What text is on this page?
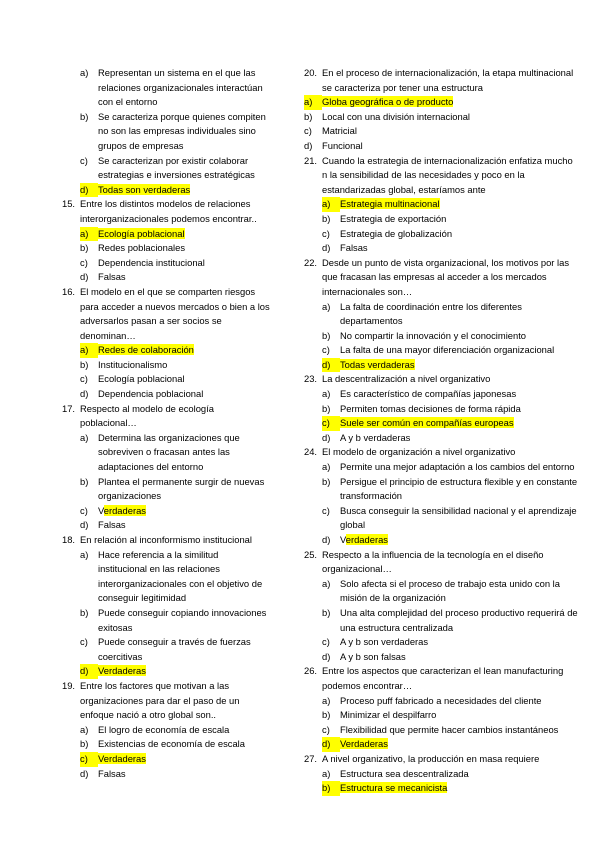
a)	Representan un sistema en el que las
relaciones organizacionales interactúan
con el entorno
b)	Se caracteriza porque quienes compiten
no son las empresas individuales sino
grupos de empresas
c)	Se caracterizan por existir colaborar
estrategias e inversiones estratégicas
d)	Todas son verdaderas
15. Entre los distintos modelos de relaciones
interorganizacionales podemos encontrar..
a)	Ecología poblacional
b)	Redes poblacionales
c)	Dependencia institucional
d)	Falsas
16. El modelo en el que se comparten riesgos
para acceder a nuevos mercados o bien a los
adversarlos pasan a ser socios se
denominan…
a)	Redes de colaboración
b)	Institucionalismo
c)	Ecología poblacional
d)	Dependencia poblacional
17. Respecto al modelo de ecología
poblacional…
a)	Determina las organizaciones que
sobreviven o fracasan antes las
adaptaciones del entorno
b)	Plantea el permanente surgir de nuevas
organizaciones
c)	Verdaderas
d)	Falsas
18. En relación al inconformismo institucional
a)	Hace referencia a la similitud
institucional en las relaciones
interorganizacionales con el objetivo de
conseguir legitimidad
b)	Puede conseguir copiando innovaciones
exitosas
c)	Puede conseguir a través de fuerzas
coercitivas
d)	Verdaderas
19. Entre los factores que motivan a las
organizaciones para dar el paso de un
enfoque nació a otro global son..
a)	El logro de economía de escala
b)	Existencias de economía de escala
c)	Verdaderas
d)	Falsas
20. En el proceso de internacionalización, la etapa multinacional
se caracteriza por tener una estructura
a)	Globa geográfica o de producto
b)	Local con una división internacional
c)	Matricial
d)	Funcional
21. Cuando la estrategia de internacionalización enfatiza mucho
n la sensibilidad de las necesidades y poco en la
estandarizadas global, estaríamos ante
a)	Estrategia multinacional
b)	Estrategia de exportación
c)	Estrategia de globalización
d)	Falsas
22. Desde un punto de vista organizacional, los motivos por las
que fracasan las empresas al acceder a los mercados
internacionales son…
a)	La falta de coordinación entre los diferentes
departamentos
b)	No compartir la innovación y el conocimiento
c)	La falta de una mayor diferenciación organizacional
d)	Todas verdaderas
23. La descentralización a nivel organizativo
a)	Es característico de compañías japonesas
b)	Permiten tomas decisiones de forma rápida
c)	Suele ser común en compañías europeas
d)	A y b verdaderas
24. El modelo de organización a nivel organizativo
a)	Permite una mejor adaptación a los cambios del entorno
b)	Persigue el principio de estructura flexible y en constante
transformación
c)	Busca conseguir la sensibilidad nacional y el aprendizaje
global
d)	Verdaderas
25. Respecto a la influencia de la tecnología en el diseño
organizacional…
a)	Solo afecta si el proceso de trabajo esta unido con la
misión de la organización
b)	Una alta complejidad del proceso productivo requerirá de
una estructura centralizada
c)	A y b son verdaderas
d)	A y b son falsas
26. Entre los aspectos que caracterizan el lean manufacturing
podemos encontrar…
a)	Proceso puff fabricado a necesidades del cliente
b)	Minimizar el despilfarro
c)	Flexibilidad que permite hacer cambios instantáneos
d)	Verdaderas
27. A nivel organizativo, la producción en masa requiere
a)	Estructura sea descentralizada
b)	Estructura se mecanicista
